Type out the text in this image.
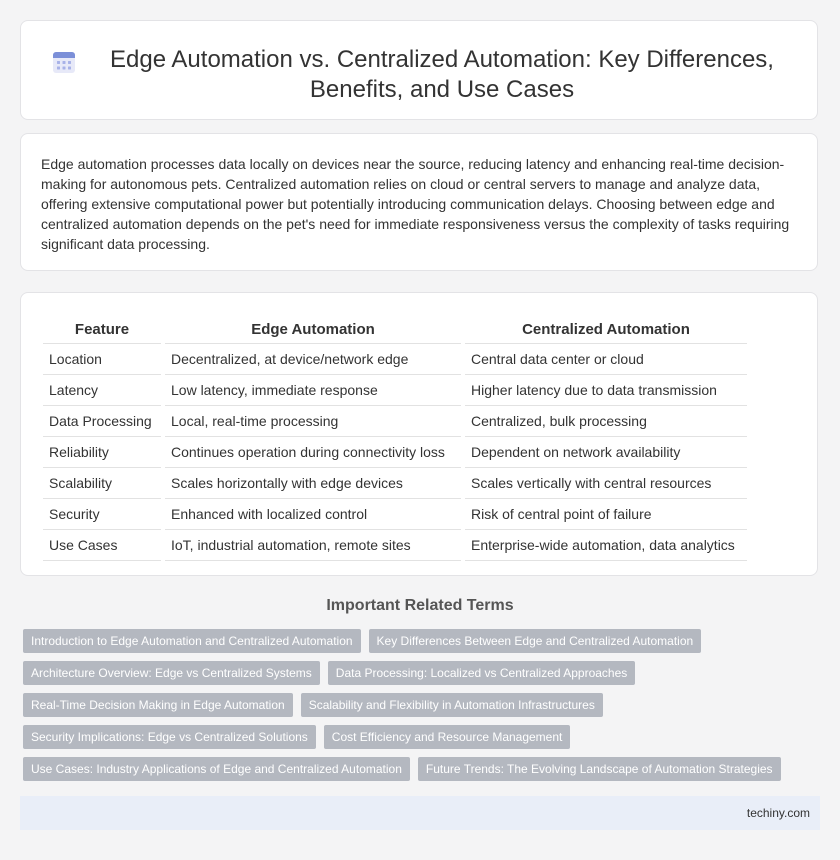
Edge Automation vs. Centralized Automation: Key Differences, Benefits, and Use Cases

Edge automation processes data locally on devices near the source, reducing latency and enhancing real-time decision-making for autonomous pets. Centralized automation relies on cloud or central servers to manage and analyze data, offering extensive computational power but potentially introducing communication delays. Choosing between edge and centralized automation depends on the pet's need for immediate responsiveness versus the complexity of tasks requiring significant data processing.

Feature		Edge Automation		Centralized Automation
Location		Decentralized, at device/network edge		Central data center or cloud
Latency		Low latency, immediate response		Higher latency due to data transmission
Data Processing		Local, real-time processing		Centralized, bulk processing
Reliability		Continues operation during connectivity loss		Dependent on network availability
Scalability		Scales horizontally with edge devices		Scales vertically with central resources
Security		Enhanced with localized control		Risk of central point of failure
Use Cases		IoT, industrial automation, remote sites		Enterprise-wide automation, data analytics
Important Related Terms
Introduction to Edge Automation and Centralized Automation	Key Differences Between Edge and Centralized Automation
Architecture Overview: Edge vs Centralized Systems	Data Processing: Localized vs Centralized Approaches
Real-Time Decision Making in Edge Automation	Scalability and Flexibility in Automation Infrastructures
Security Implications: Edge vs Centralized Solutions	Cost Efficiency and Resource Management
Use Cases: Industry Applications of Edge and Centralized Automation	Future Trends: The Evolving Landscape of Automation Strategies
techiny.com
